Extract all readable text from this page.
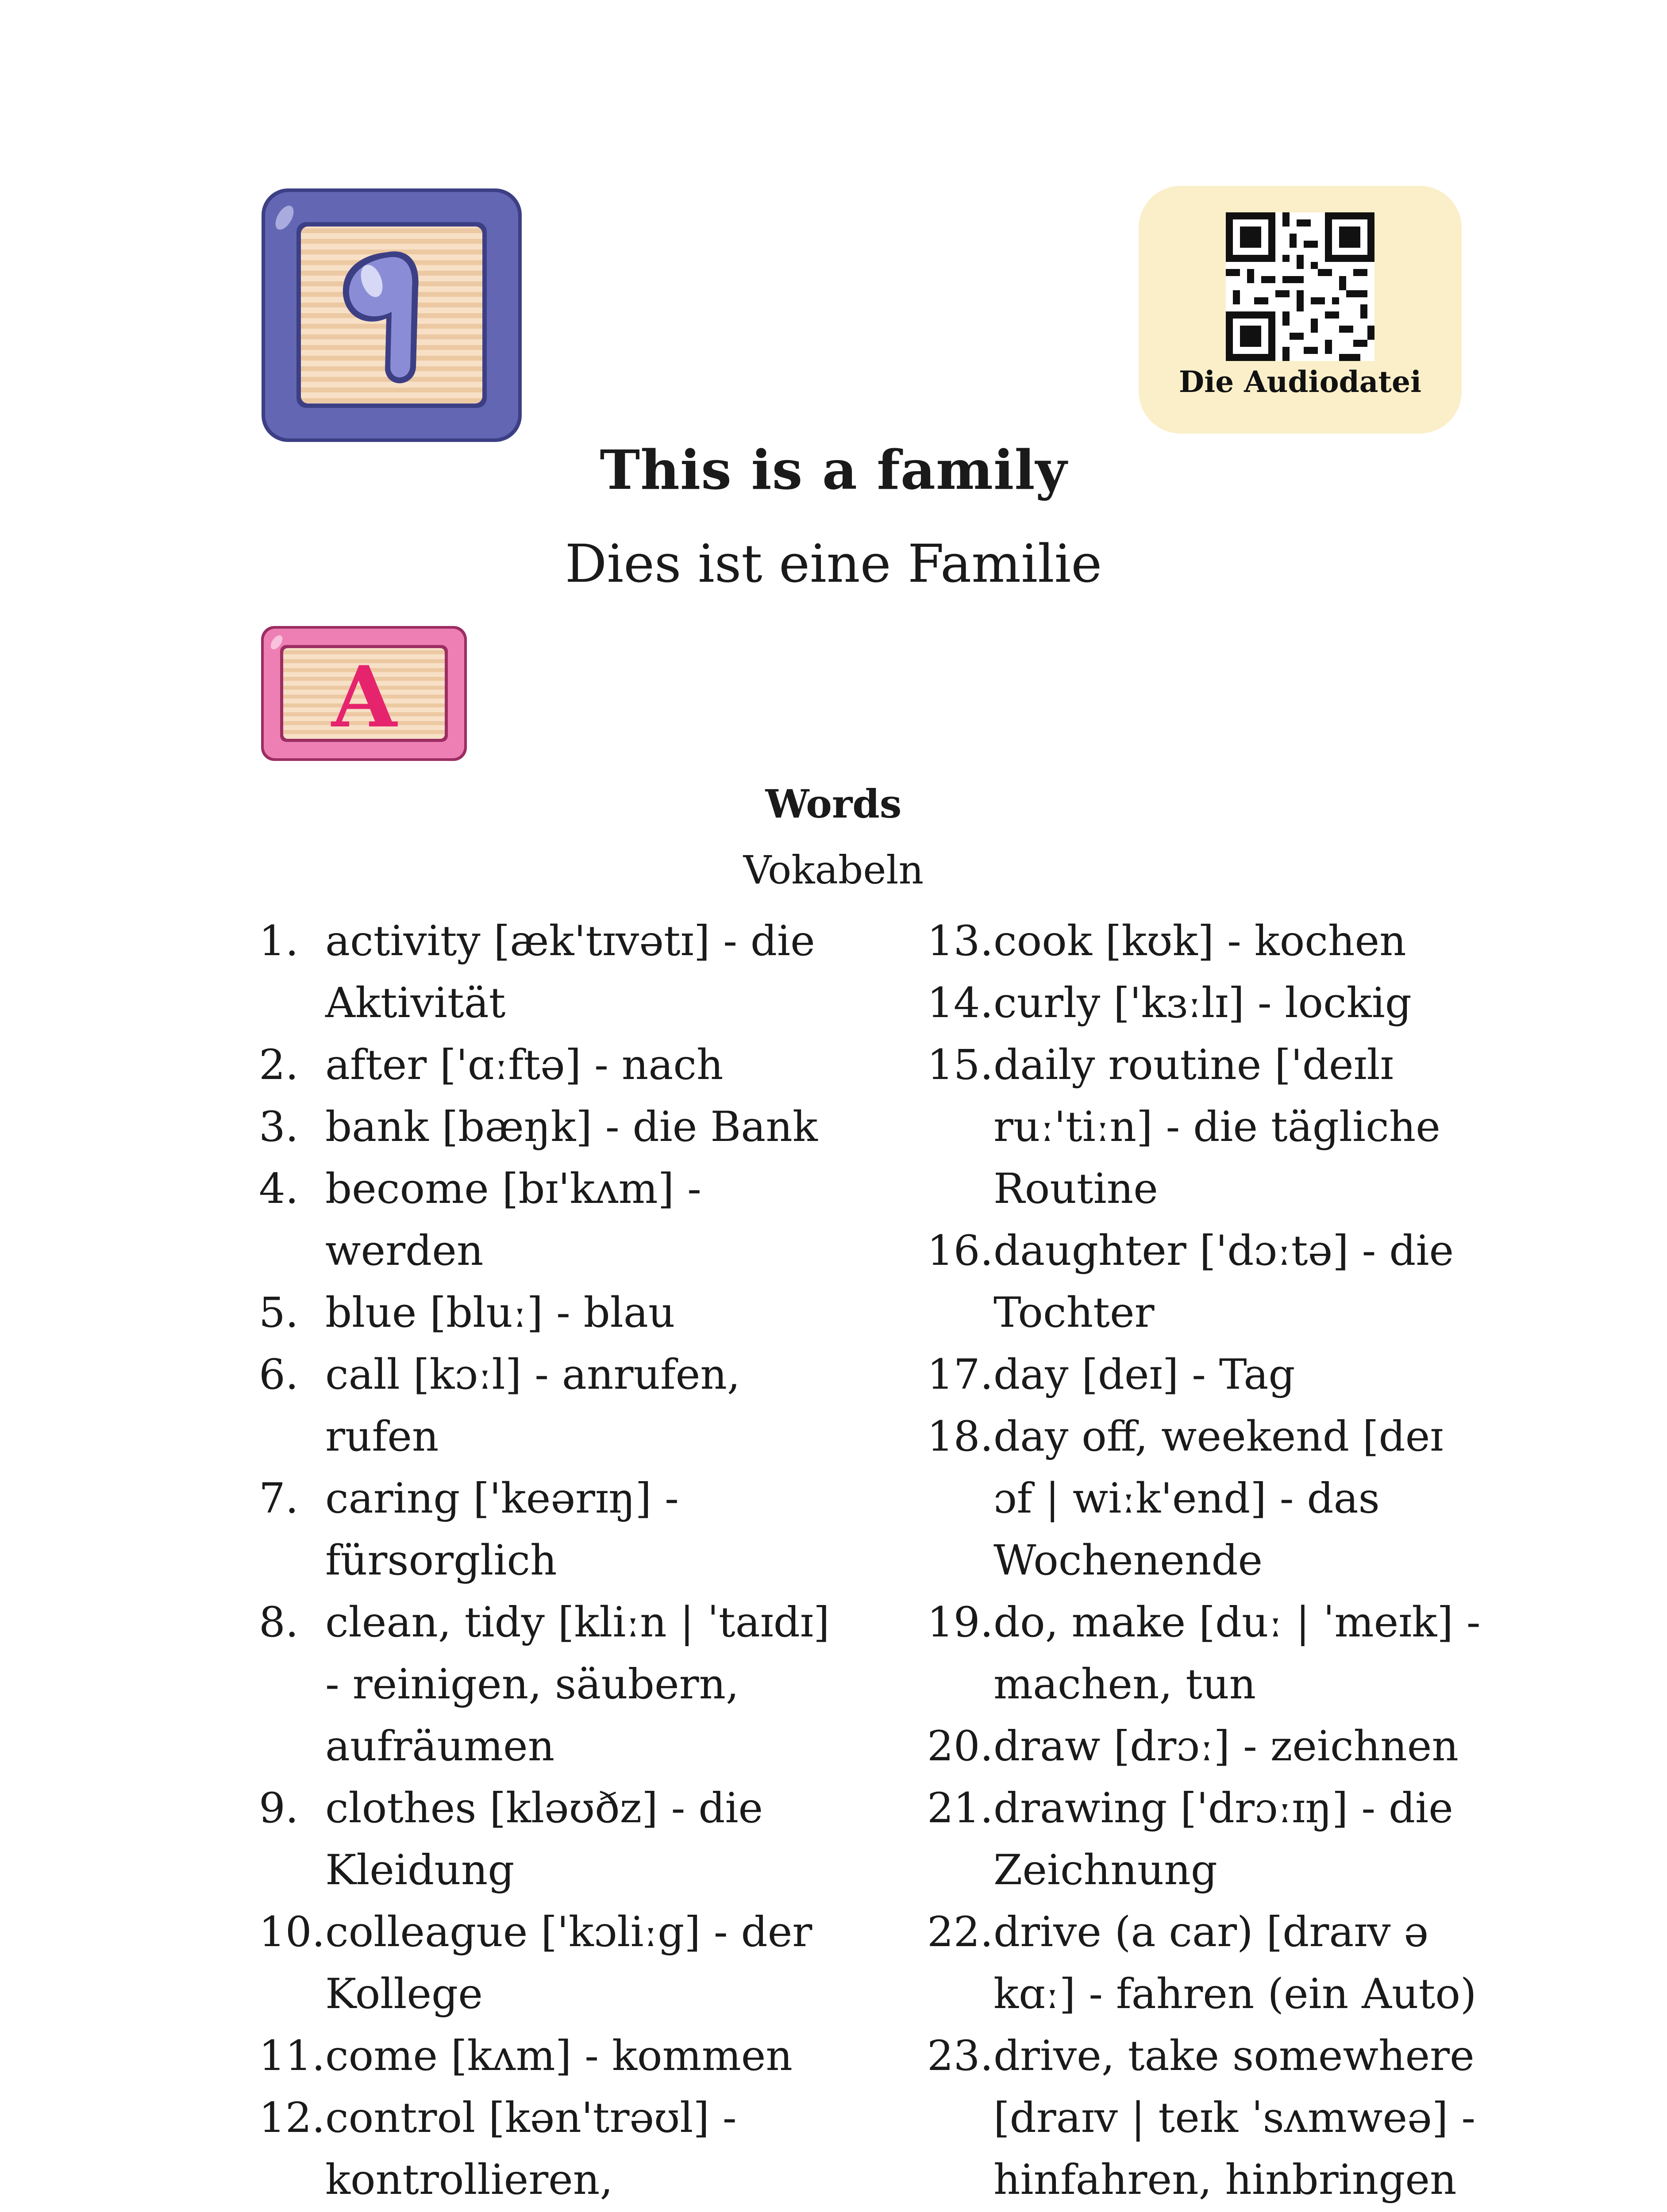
1
Die Audiodatei
This is a family
Dies ist eine Familie
A
Words
Vokabeln
1. activity [æk'tɪvətɪ] - die Aktivität
2. after ['ɑːftə] - nach
3. bank [bæŋk] - die Bank
4. become [bɪ'kʌm] - werden
5. blue [bluː] - blau
6. call [kɔːl] - anrufen, rufen
7. caring ['keərɪŋ] - fürsorglich
8. clean, tidy [kliːn | ˈtaɪdɪ] - reinigen, säubern, aufräumen
9. clothes [kləʊðz] - die Kleidung
10. colleague ['kɔliːg] - der Kollege
11. come [kʌm] - kommen
12. control [kən'trəʊl] - kontrollieren,
13. cook [kʊk] - kochen
14. curly ['kɜːlɪ] - lockig
15. daily routine ['deɪlɪ ruː'tiːn] - die tägliche Routine
16. daughter ['dɔːtə] - die Tochter
17. day [deɪ] - Tag
18. day off, weekend [deɪ ɔf | wiːk'end] - das Wochenende
19. do, make [duː | ˈmeɪk] - machen, tun
20. draw [drɔː] - zeichnen
21. drawing ['drɔːɪŋ] - die Zeichnung
22. drive (a car) [draɪv ə kɑː] - fahren (ein Auto)
23. drive, take somewhere [draɪv | teɪk ˈsʌmweə] - hinfahren, hinbringen
